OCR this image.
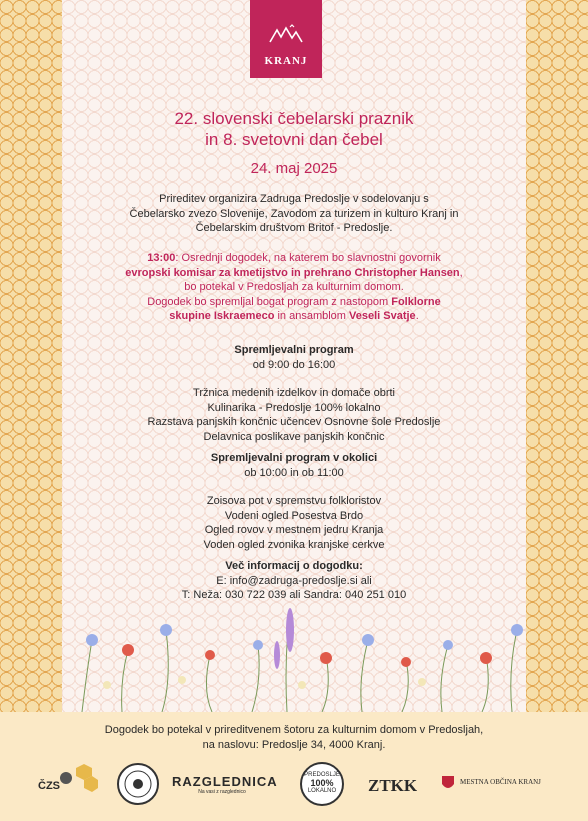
KRANJ
22. slovenski čebelarski praznik
in 8. svetovni dan čebel
24. maj 2025
Prireditev organizira Zadruga Predoslje v sodelovanju s
Čebelarsko zvezo Slovenije, Zavodom za turizem in kulturo Kranj in
Čebelarskim društvom Britof - Predoslje.
13:00: Osrednji dogodek, na katerem bo slavnostni govornik
evropski komisar za kmetijstvo in prehrano Christopher Hansen,
bo potekal v Predosljah za kulturnim domom.
Dogodek bo spremljal bogat program z nastopom Folklorne
skupine Iskraemeco in ansamblom Veseli Svatje.
Spremljevalni program
od 9:00 do 16:00
Tržnica medenih izdelkov in domače obrti
Kulinarika - Predoslje 100% lokalno
Razstava panjskih končnic učencev Osnovne šole Predoslje
Delavnica poslikave panjskih končnic
Spremljevalni program v okolici
ob 10:00 in ob 11:00
Zoisova pot v spremstvu folkloristov
Vodeni ogled Posestva Brdo
Ogled rovov v mestnem jedru Kranja
Voden ogled zvonika kranjske cerkve
Več informacij o dogodku:
E: info@zadruga-predoslje.si ali
T: Neža: 030 722 039 ali Sandra: 040 251 010
Dogodek bo potekal v prireditvenem šotoru za kulturnim domom v Predosljah,
na naslovu: Predoslje 34, 4000 Kranj.
ČZS	RAZGLEDNICA
Na vasi z razglednico
PREDOSLJE
100%
LOKALNO	ZTKK	MESTNA OBČINA KRANJ
